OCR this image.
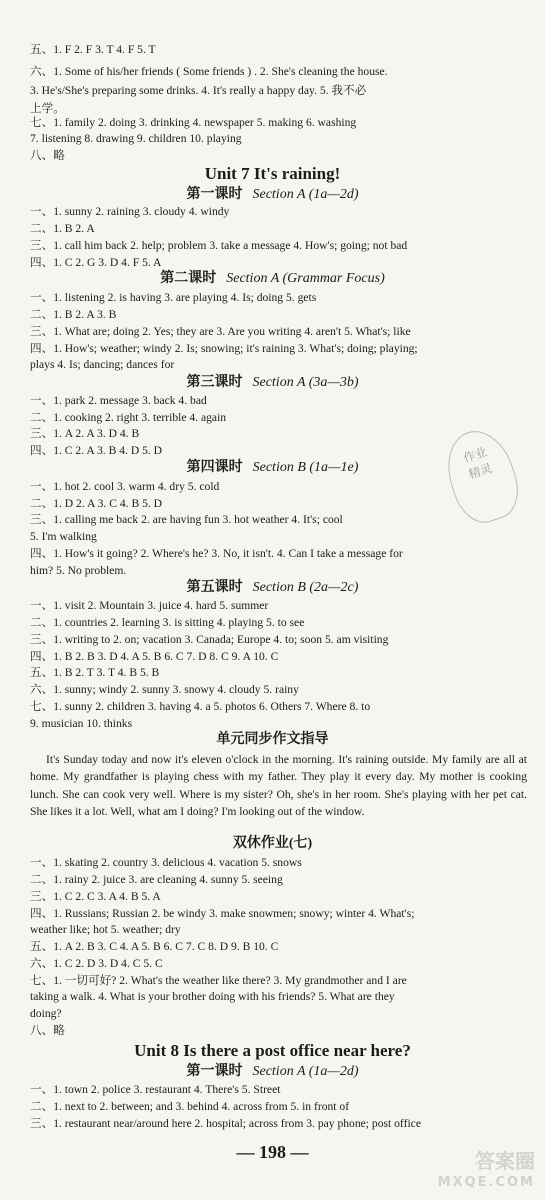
五、1. F 2. F 3. T 4. F 5. T
六、1. Some of his/her friends ( Some friends ) . 2. She's cleaning the house.
3. He's/She's preparing some drinks. 4. It's really a happy day. 5. 我不必
上学。
七、1. family 2. doing 3. drinking 4. newspaper 5. making 6. washing
7. listening 8. drawing 9. children 10. playing
八、略
Unit 7 It's raining!
第一课时 Section A (1a—2d)
一、1. sunny 2. raining 3. cloudy 4. windy
二、1. B 2. A
三、1. call him back 2. help; problem 3. take a message 4. How's; going; not bad
四、1. C 2. G 3. D 4. F 5. A
第二课时 Section A (Grammar Focus)
一、1. listening 2. is having 3. are playing 4. Is; doing 5. gets
二、1. B 2. A 3. B
三、1. What are; doing 2. Yes; they are 3. Are you writing 4. aren't 5. What's; like
四、1. How's; weather; windy 2. Is; snowing; it's raining 3. What's; doing; playing;
plays 4. Is; dancing; dances for
第三课时 Section A (3a—3b)
一、1. park 2. message 3. back 4. bad
二、1. cooking 2. right 3. terrible 4. again
三、1. A 2. A 3. D 4. B
四、1. C 2. A 3. B 4. D 5. D
第四课时 Section B (1a—1e)
一、1. hot 2. cool 3. warm 4. dry 5. cold
二、1. D 2. A 3. C 4. B 5. D
三、1. calling me back 2. are having fun 3. hot weather 4. It's; cool
5. I'm walking
四、1. How's it going? 2. Where's he? 3. No, it isn't. 4. Can I take a message for
him? 5. No problem.
第五课时 Section B (2a—2c)
一、1. visit 2. Mountain 3. juice 4. hard 5. summer
二、1. countries 2. learning 3. is sitting 4. playing 5. to see
三、1. writing to 2. on; vacation 3. Canada; Europe 4. to; soon 5. am visiting
四、1. B 2. B 3. D 4. A 5. B 6. C 7. D 8. C 9. A 10. C
五、1. B 2. T 3. T 4. B 5. B
六、1. sunny; windy 2. sunny 3. snowy 4. cloudy 5. rainy
七、1. sunny 2. children 3. having 4. a 5. photos 6. Others 7. Where 8. to
9. musician 10. thinks
单元同步作文指导
It's Sunday today and now it's eleven o'clock in the morning. It's raining outside. My family are all at home. My grandfather is playing chess with my father. They play it every day. My mother is cooking lunch. She can cook very well. Where is my sister? Oh, she's in her room. She's playing with her pet cat. She likes it a lot. Well, what am I doing? I'm looking out of the window.
双休作业(七)
一、1. skating 2. country 3. delicious 4. vacation 5. snows
二、1. rainy 2. juice 3. are cleaning 4. sunny 5. seeing
三、1. C 2. C 3. A 4. B 5. A
四、1. Russians; Russian 2. be windy 3. make snowmen; snowy; winter 4. What's;
weather like; hot 5. weather; dry
五、1. A 2. B 3. C 4. A 5. B 6. C 7. C 8. D 9. B 10. C
六、1. C 2. D 3. D 4. C 5. C
七、1. 一切可好? 2. What's the weather like there? 3. My grandmother and I are
taking a walk. 4. What is your brother doing with his friends? 5. What are they
doing?
八、略
Unit 8 Is there a post office near here?
第一课时 Section A (1a—2d)
一、1. town 2. police 3. restaurant 4. There's 5. Street
二、1. next to 2. between; and 3. behind 4. across from 5. in front of
三、1. restaurant near/around here 2. hospital; across from 3. pay phone; post office
— 198 —
作业
精灵
答案圈
MXQE.COM
